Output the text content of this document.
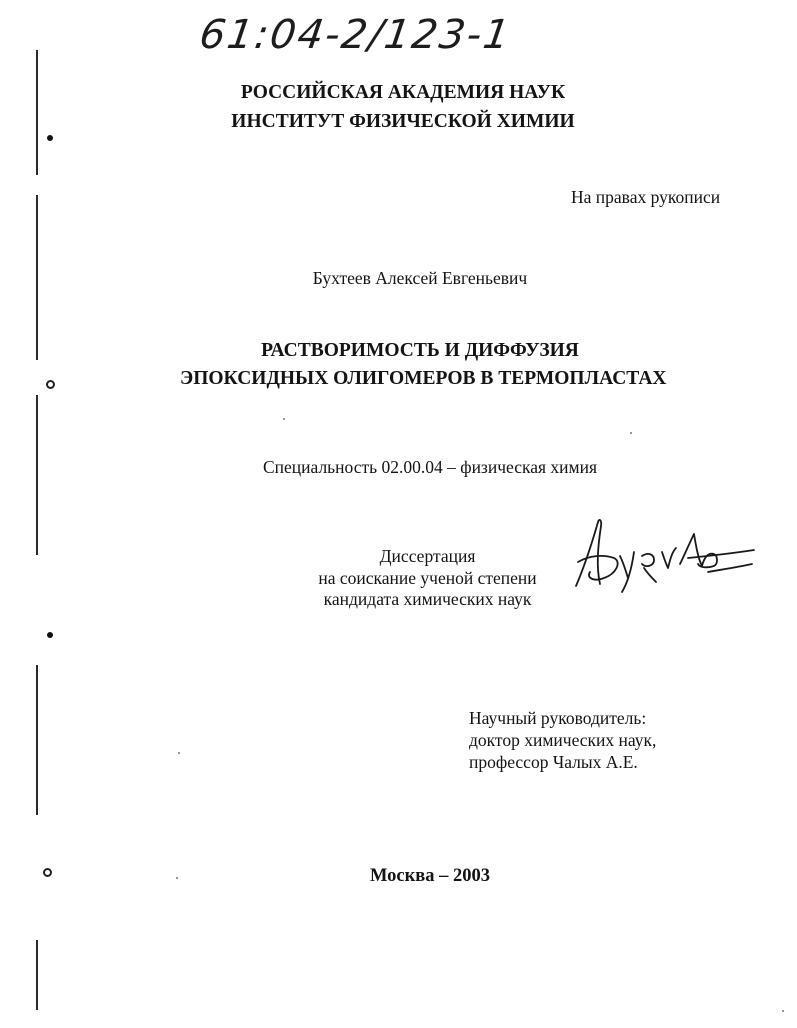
61:04-2/123-1
РОССИЙСКАЯ АКАДЕМИЯ НАУК
ИНСТИТУТ ФИЗИЧЕСКОЙ ХИМИИ
На правах рукописи
Бухтеев Алексей Евгеньевич
РАСТВОРИМОСТЬ И ДИФФУЗИЯ
ЭПОКСИДНЫХ ОЛИГОМЕРОВ В ТЕРМОПЛАСТАХ
Специальность 02.00.04 – физическая химия
Диссертация
на соискание ученой степени
кандидата химических наук
Научный руководитель:
доктор химических наук,
профессор Чалых А.Е.
Москва – 2003
